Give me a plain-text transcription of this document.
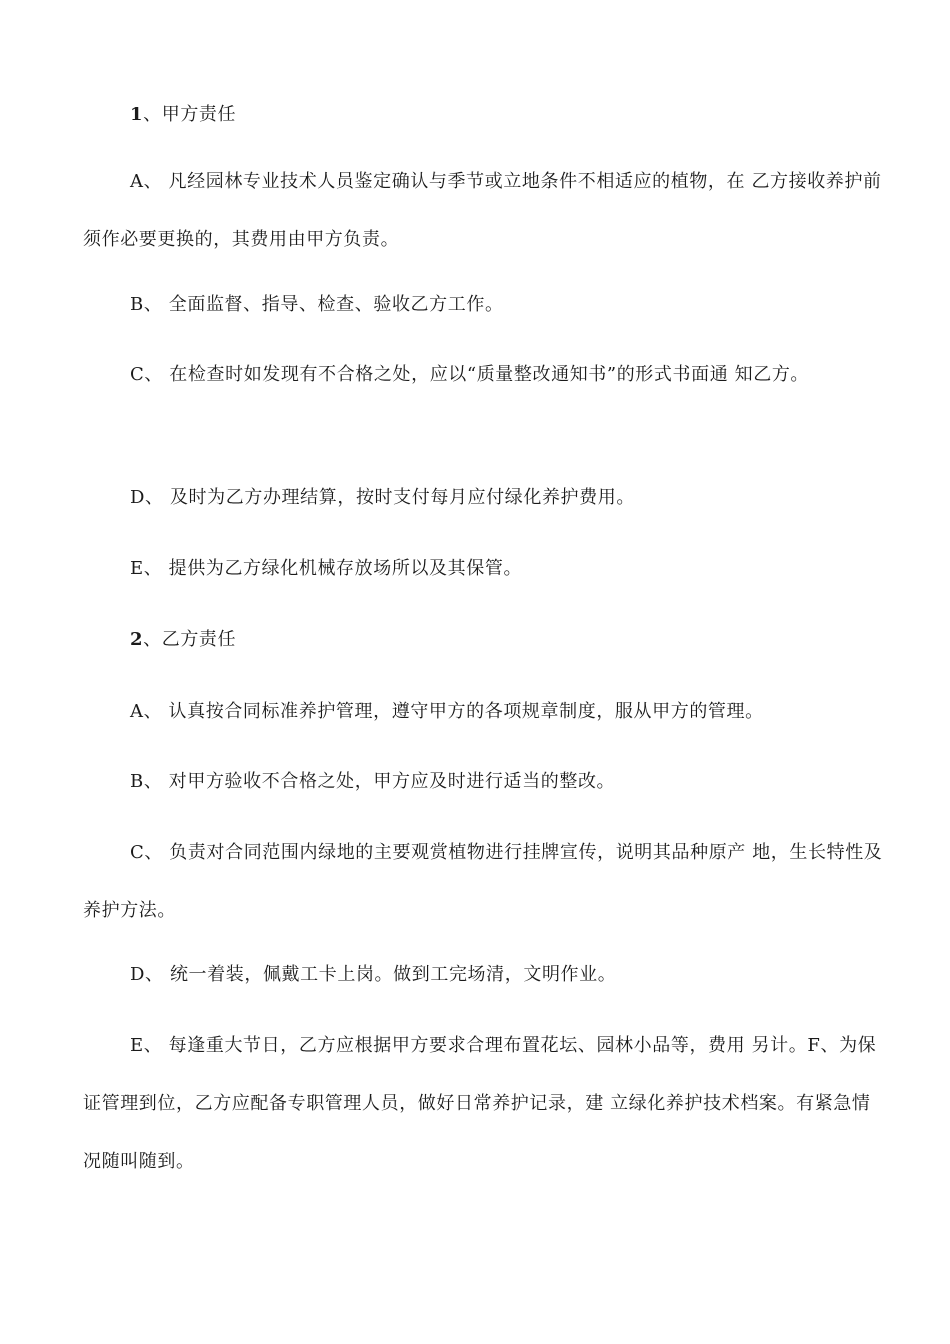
1、甲方责任
A、 凡经园林专业技术人员鉴定确认与季节或立地条件不相适应的植物，在 乙方接收养护前须作必要更换的，其费用由甲方负责。
B、 全面监督、指导、检查、验收乙方工作。
C、 在检查时如发现有不合格之处，应以“质量整改通知书”的形式书面通 知乙方。
D、 及时为乙方办理结算，按时支付每月应付绿化养护费用。
E、 提供为乙方绿化机械存放场所以及其保管。
2、乙方责任
A、 认真按合同标准养护管理，遵守甲方的各项规章制度，服从甲方的管理。
B、 对甲方验收不合格之处，甲方应及时进行适当的整改。
C、 负责对合同范围内绿地的主要观赏植物进行挂牌宣传，说明其品种原产 地，生长特性及养护方法。
D、 统一着装，佩戴工卡上岗。做到工完场清，文明作业。
E、 每逢重大节日，乙方应根据甲方要求合理布置花坛、园林小品等，费用 另计。F、为保证管理到位，乙方应配备专职管理人员，做好日常养护记录，建 立绿化养护技术档案。有紧急情况随叫随到。
